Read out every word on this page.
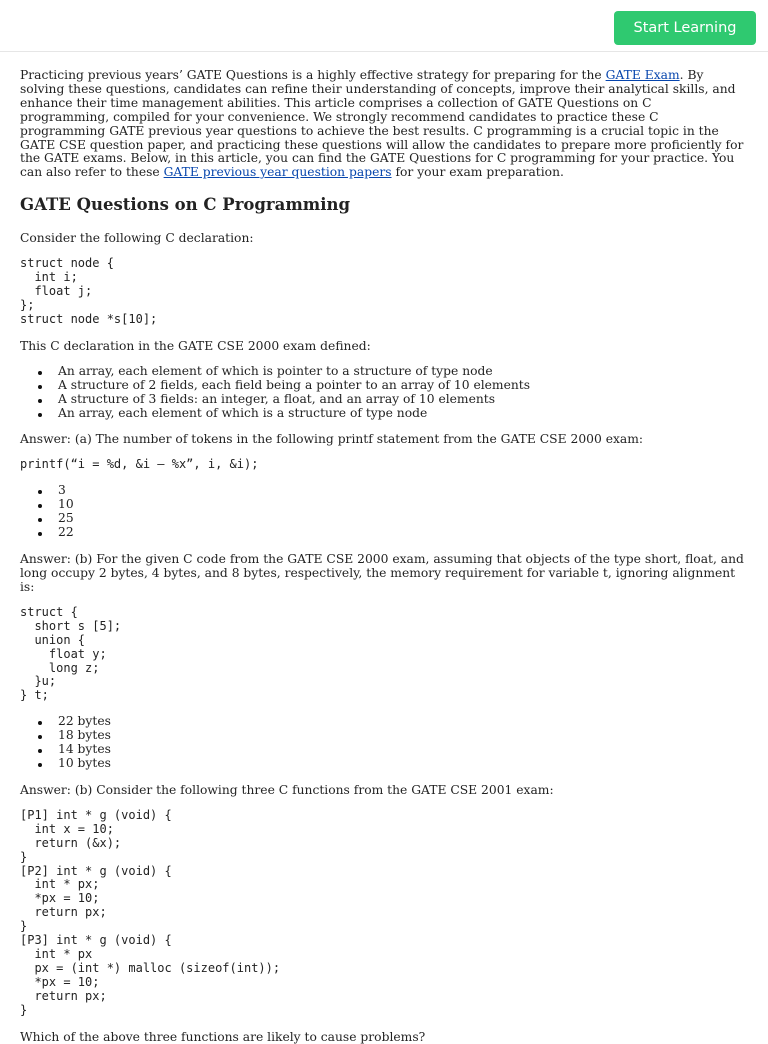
Start Learning

Practicing previous years’ GATE Questions is a highly effective strategy for preparing for the GATE Exam. By solving these questions, candidates can refine their understanding of concepts, improve their analytical skills, and enhance their time management abilities. This article comprises a collection of GATE Questions on C programming, compiled for your convenience. We strongly recommend candidates to practice these C programming GATE previous year questions to achieve the best results. C programming is a crucial topic in the GATE CSE question paper, and practicing these questions will allow the candidates to prepare more proficiently for the GATE exams. Below, in this article, you can find the GATE Questions for C programming for your practice. You can also refer to these GATE previous year question papers for your exam preparation.

GATE Questions on C Programming
Consider the following C declaration:
struct node {
int i;
float j;
};
struct node *s[10];
This C declaration in the GATE CSE 2000 exam defined:
An array, each element of which is pointer to a structure of type node
A structure of 2 fields, each field being a pointer to an array of 10 elements
A structure of 3 fields: an integer, a float, and an array of 10 elements
An array, each element of which is a structure of type node
Answer: (a) The number of tokens in the following printf statement from the GATE CSE 2000 exam:
printf(“i = %d, &i – %x”, i, &i);
3
10
25
22
Answer: (b) For the given C code from the GATE CSE 2000 exam, assuming that objects of the type short, float, and long occupy 2 bytes, 4 bytes, and 8 bytes, respectively, the memory requirement for variable t, ignoring alignment is:
struct {
short s [5];
union {
float y;
long z;
}u;
} t;
22 bytes
18 bytes
14 bytes
10 bytes
Answer: (b) Consider the following three C functions from the GATE CSE 2001 exam:
[P1] int * g (void) {
int x = 10;
return (&x);
}
[P2] int * g (void) {
int * px;
*px = 10;
return px;
}
[P3] int * g (void) {
int * px
px = (int *) malloc (sizeof(int));
*px = 10;
return px;
}
Which of the above three functions are likely to cause problems?
